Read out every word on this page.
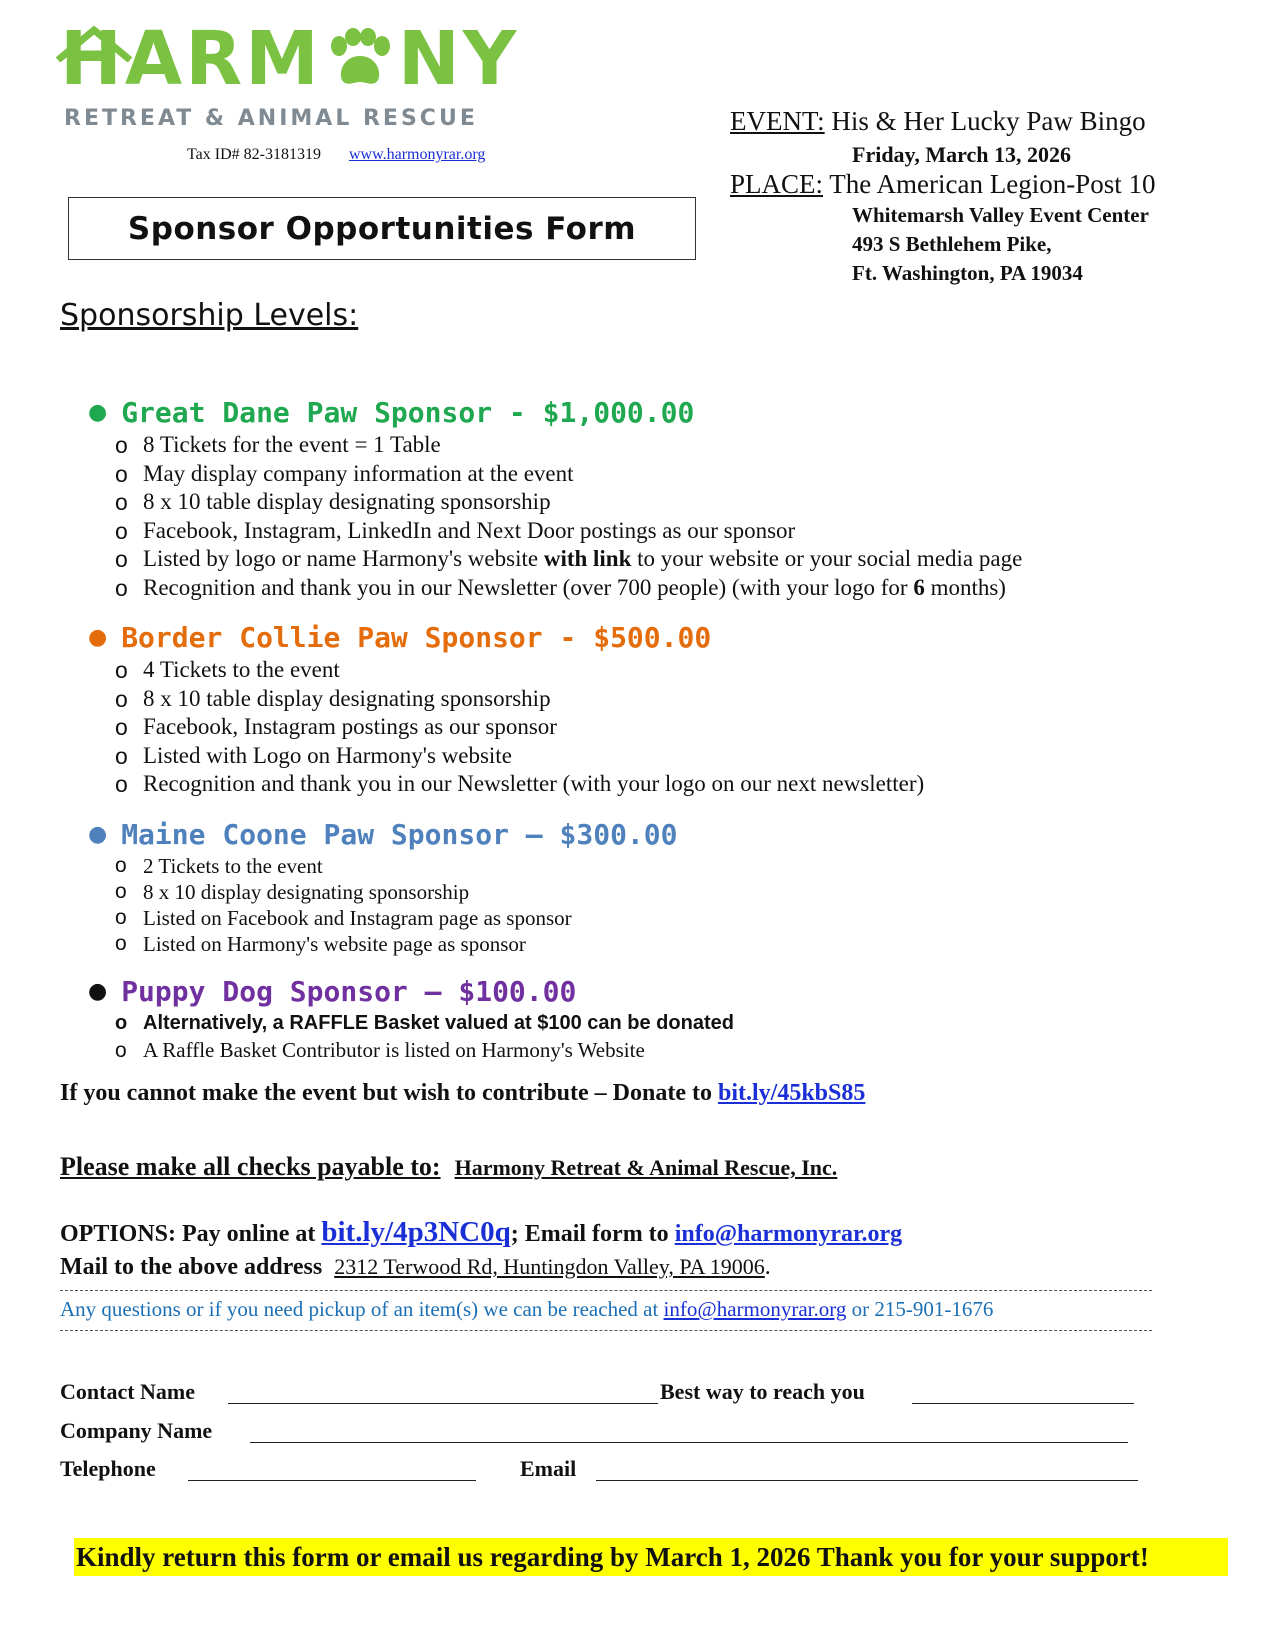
HARM NY
RETREAT & ANIMAL RESCUE
Tax ID# 82-3181319 www.harmonyrar.org
EVENT: His & Her Lucky Paw Bingo
Friday, March 13, 2026
PLACE: The American Legion-Post 10
Whitemarsh Valley Event Center
493 S Bethlehem Pike,
Ft. Washington, PA 19034
Sponsor Opportunities Form
Sponsorship Levels:
● Great Dane Paw Sponsor - $1,000.00
o 8 Tickets for the event = 1 Table
o May display company information at the event
o 8 x 10 table display designating sponsorship
o Facebook, Instagram, LinkedIn and Next Door postings as our sponsor
o Listed by logo or name Harmony's website with link to your website or your social media page
o Recognition and thank you in our Newsletter (over 700 people) (with your logo for 6 months)
● Border Collie Paw Sponsor - $500.00
o 4 Tickets to the event
o 8 x 10 table display designating sponsorship
o Facebook, Instagram postings as our sponsor
o Listed with Logo on Harmony's website
o Recognition and thank you in our Newsletter (with your logo on our next newsletter)
● Maine Coone Paw Sponsor – $300.00
o 2 Tickets to the event
o 8 x 10 display designating sponsorship
o Listed on Facebook and Instagram page as sponsor
o Listed on Harmony's website page as sponsor
● Puppy Dog Sponsor – $100.00
o Alternatively, a RAFFLE Basket valued at $100 can be donated
o A Raffle Basket Contributor is listed on Harmony's Website
If you cannot make the event but wish to contribute – Donate to bit.ly/45kbS85
Please make all checks payable to: Harmony Retreat & Animal Rescue, Inc.
OPTIONS: Pay online at bit.ly/4p3NC0q; Email form to info@harmonyrar.org
Mail to the above address 2312 Terwood Rd, Huntingdon Valley, PA 19006.
Any questions or if you need pickup of an item(s) we can be reached at info@harmonyrar.org or 215-901-1676
Contact Name	Best way to reach you
Company Name
Telephone	Email
Kindly return this form or email us regarding by March 1, 2026 Thank you for your support!
